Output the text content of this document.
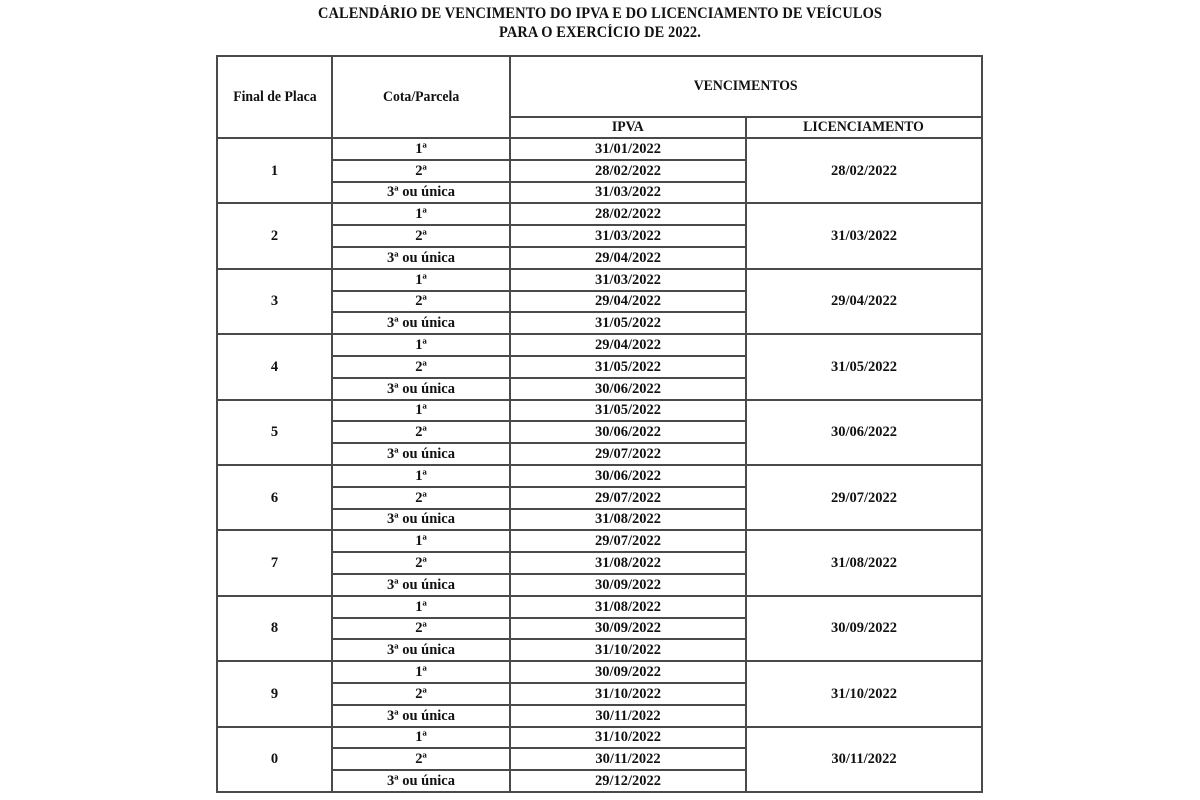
CALENDÁRIO DE VENCIMENTO DO IPVA E DO LICENCIAMENTO DE VEÍCULOS
PARA O EXERCÍCIO DE 2022.
Final de Placa	Cota/Parcela	VENCIMENTOS	
		IPVA	LICENCIAMENTO
1	1ª	31/01/2022	28/02/2022
	2ª	28/02/2022	
	3ª ou única	31/03/2022	
2	1ª	28/02/2022	31/03/2022
	2ª	31/03/2022	
	3ª ou única	29/04/2022	
3	1ª	31/03/2022	29/04/2022
	2ª	29/04/2022	
	3ª ou única	31/05/2022	
4	1ª	29/04/2022	31/05/2022
	2ª	31/05/2022	
	3ª ou única	30/06/2022	
5	1ª	31/05/2022	30/06/2022
	2ª	30/06/2022	
	3ª ou única	29/07/2022	
6	1ª	30/06/2022	29/07/2022
	2ª	29/07/2022	
	3ª ou única	31/08/2022	
7	1ª	29/07/2022	31/08/2022
	2ª	31/08/2022	
	3ª ou única	30/09/2022	
8	1ª	31/08/2022	30/09/2022
	2ª	30/09/2022	
	3ª ou única	31/10/2022	
9	1ª	30/09/2022	31/10/2022
	2ª	31/10/2022	
	3ª ou única	30/11/2022	
0	1ª	31/10/2022	30/11/2022
	2ª	30/11/2022	
	3ª ou única	29/12/2022	
